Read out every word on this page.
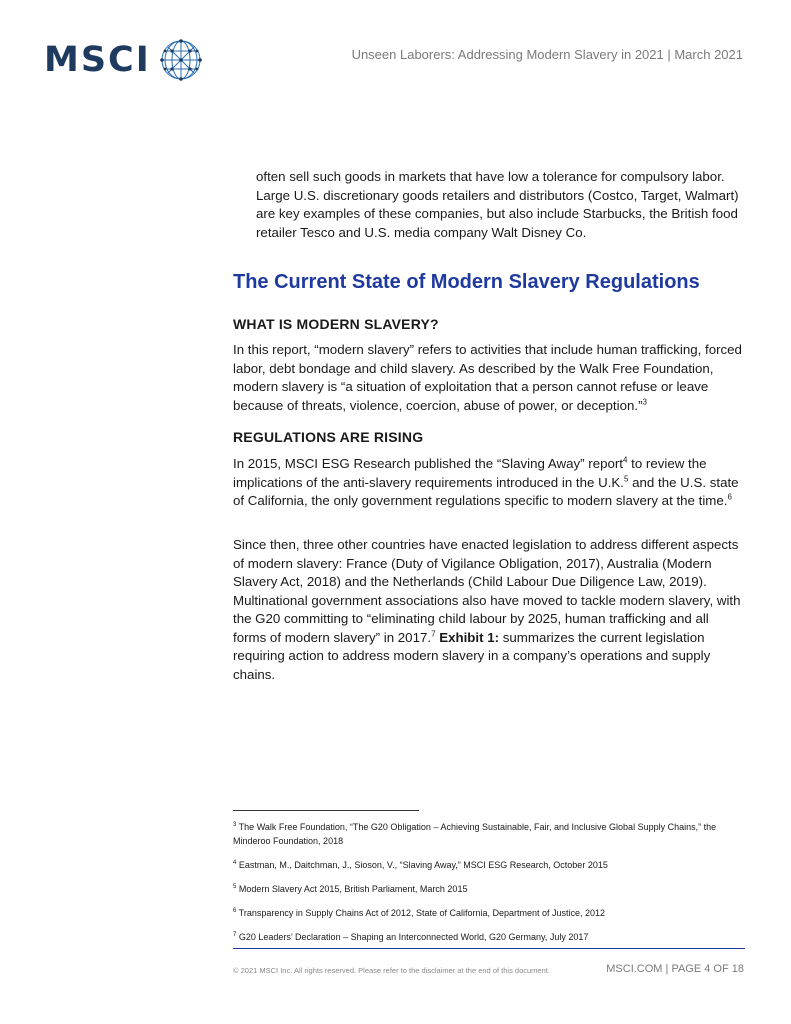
MSCI	Unseen Laborers: Addressing Modern Slavery in 2021 | March 2021

often sell such goods in markets that have low a tolerance for compulsory labor. Large U.S. discretionary goods retailers and distributors (Costco, Target, Walmart) are key examples of these companies, but also include Starbucks, the British food retailer Tesco and U.S. media company Walt Disney Co.

The Current State of Modern Slavery Regulations
WHAT IS MODERN SLAVERY?

In this report, “modern slavery” refers to activities that include human trafficking, forced labor, debt bondage and child slavery. As described by the Walk Free Foundation, modern slavery is “a situation of exploitation that a person cannot refuse or leave because of threats, violence, coercion, abuse of power, or deception.”$^3$

REGULATIONS ARE RISING

In 2015, MSCI ESG Research published the “Slaving Away” report$^4$ to review the implications of the anti-slavery requirements introduced in the U.K.$^5$ and the U.S. state of California, the only government regulations specific to modern slavery at the time.$^6$

Since then, three other countries have enacted legislation to address different aspects of modern slavery: France (Duty of Vigilance Obligation, 2017), Australia (Modern Slavery Act, 2018) and the Netherlands (Child Labour Due Diligence Law, 2019). Multinational government associations also have moved to tackle modern slavery, with the G20 committing to “eliminating child labour by 2025, human trafficking and all forms of modern slavery” in 2017.$^7$ Exhibit 1: summarizes the current legislation requiring action to address modern slavery in a company’s operations and supply chains.

$^3$ The Walk Free Foundation, “The G20 Obligation – Achieving Sustainable, Fair, and Inclusive Global Supply Chains,” the Minderoo Foundation, 2018

$^4$ Eastman, M., Daitchman, J., Sioson, V., “Slaving Away,” MSCI ESG Research, October 2015

$^5$ Modern Slavery Act 2015, British Parliament, March 2015

$^6$ Transparency in Supply Chains Act of 2012, State of California, Department of Justice, 2012

$^7$ G20 Leaders’ Declaration – Shaping an Interconnected World, G20 Germany, July 2017

© 2021 MSCI Inc. All rights reserved. Please refer to the disclaimer at the end of this document.	MSCI.COM | PAGE 4 OF 18
